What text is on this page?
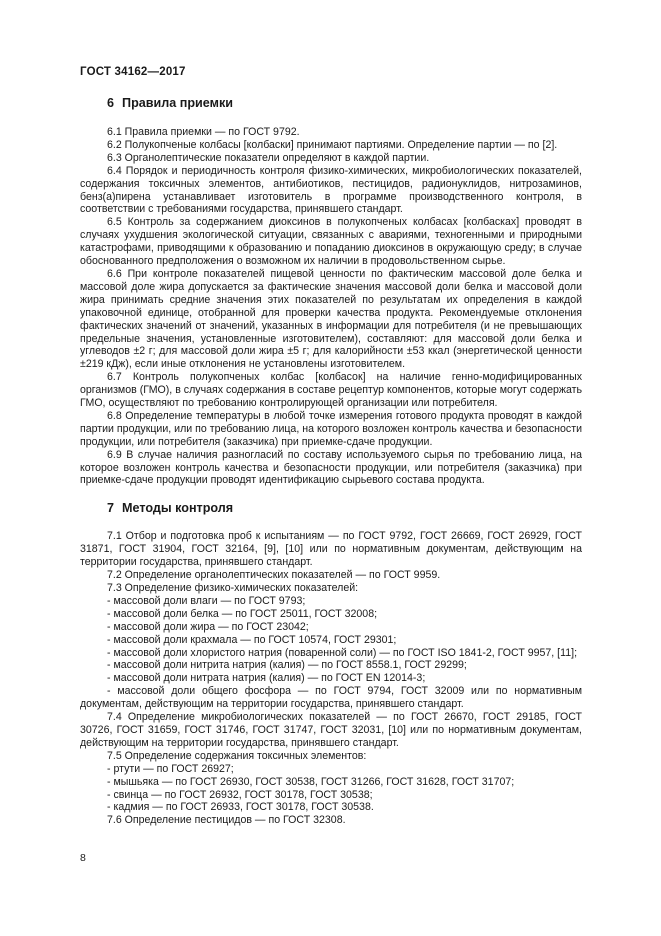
ГОСТ 34162—2017
6 Правила приемки

6.1 Правила приемки — по ГОСТ 9792.

6.2 Полукопченые колбасы [колбаски] принимают партиями. Определение партии — по [2].

6.3 Органолептические показатели определяют в каждой партии.

6.4 Порядок и периодичность контроля физико-химических, микробиологических показателей, содержания токсичных элементов, антибиотиков, пестицидов, радионуклидов, нитрозаминов, бенз(а)пирена устанавливает изготовитель в программе производственного контроля, в соответствии с требованиями государства, принявшего стандарт.

6.5 Контроль за содержанием диоксинов в полукопченых колбасах [колбасках] проводят в случаях ухудшения экологической ситуации, связанных с авариями, техногенными и природными катастрофами, приводящими к образованию и попаданию диоксинов в окружающую среду; в случае обоснованного предположения о возможном их наличии в продовольственном сырье.

6.6 При контроле показателей пищевой ценности по фактическим массовой доле белка и массовой доле жира допускается за фактические значения массовой доли белка и массовой доли жира принимать средние значения этих показателей по результатам их определения в каждой упаковочной единице, отобранной для проверки качества продукта. Рекомендуемые отклонения фактических значений от значений, указанных в информации для потребителя (и не превышающих предельные значения, установленные изготовителем), составляют: для массовой доли белка и углеводов ±2 г; для массовой доли жира ±5 г; для калорийности ±53 ккал (энергетической ценности ±219 кДж), если иные отклонения не установлены изготовителем.

6.7 Контроль полукопченых колбас [колбасок] на наличие генно-модифицированных организмов (ГМО), в случаях содержания в составе рецептур компонентов, которые могут содержать ГМО, осуществляют по требованию контролирующей организации или потребителя.

6.8 Определение температуры в любой точке измерения готового продукта проводят в каждой партии продукции, или по требованию лица, на которого возложен контроль качества и безопасности продукции, или потребителя (заказчика) при приемке-сдаче продукции.

6.9 В случае наличия разногласий по составу используемого сырья по требованию лица, на которое возложен контроль качества и безопасности продукции, или потребителя (заказчика) при приемке-сдаче продукции проводят идентификацию сырьевого состава продукта.

7 Методы контроля

7.1 Отбор и подготовка проб к испытаниям — по ГОСТ 9792, ГОСТ 26669, ГОСТ 26929, ГОСТ 31871, ГОСТ 31904, ГОСТ 32164, [9], [10] или по нормативным документам, действующим на территории государства, принявшего стандарт.

7.2 Определение органолептических показателей — по ГОСТ 9959.

7.3 Определение физико-химических показателей:

- массовой доли влаги — по ГОСТ 9793;

- массовой доли белка — по ГОСТ 25011, ГОСТ 32008;

- массовой доли жира — по ГОСТ 23042;

- массовой доли крахмала — по ГОСТ 10574, ГОСТ 29301;

- массовой доли хлористого натрия (поваренной соли) — по ГОСТ ISO 1841-2, ГОСТ 9957, [11];

- массовой доли нитрита натрия (калия) — по ГОСТ 8558.1, ГОСТ 29299;

- массовой доли нитрата натрия (калия) — по ГОСТ EN 12014-3;

- массовой доли общего фосфора — по ГОСТ 9794, ГОСТ 32009 или по нормативным документам, действующим на территории государства, принявшего стандарт.

7.4 Определение микробиологических показателей — по ГОСТ 26670, ГОСТ 29185, ГОСТ 30726, ГОСТ 31659, ГОСТ 31746, ГОСТ 31747, ГОСТ 32031, [10] или по нормативным документам, действующим на территории государства, принявшего стандарт.

7.5 Определение содержания токсичных элементов:

- ртути — по ГОСТ 26927;

- мышьяка — по ГОСТ 26930, ГОСТ 30538, ГОСТ 31266, ГОСТ 31628, ГОСТ 31707;

- свинца — по ГОСТ 26932, ГОСТ 30178, ГОСТ 30538;

- кадмия — по ГОСТ 26933, ГОСТ 30178, ГОСТ 30538.

7.6 Определение пестицидов — по ГОСТ 32308.

8
